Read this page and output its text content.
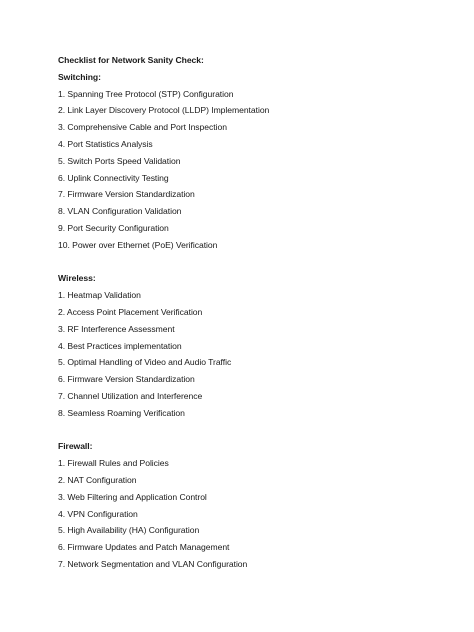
Checklist for Network Sanity Check:
Switching:
1. Spanning Tree Protocol (STP) Configuration
2. Link Layer Discovery Protocol (LLDP) Implementation
3. Comprehensive Cable and Port Inspection
4. Port Statistics Analysis
5. Switch Ports Speed Validation
6. Uplink Connectivity Testing
7. Firmware Version Standardization
8. VLAN Configuration Validation
9. Port Security Configuration
10. Power over Ethernet (PoE) Verification
Wireless:
1. Heatmap Validation
2. Access Point Placement Verification
3. RF Interference Assessment
4. Best Practices implementation
5. Optimal Handling of Video and Audio Traffic
6. Firmware Version Standardization
7. Channel Utilization and Interference
8. Seamless Roaming Verification
Firewall:
1. Firewall Rules and Policies
2. NAT Configuration
3. Web Filtering and Application Control
4. VPN Configuration
5. High Availability (HA) Configuration
6. Firmware Updates and Patch Management
7. Network Segmentation and VLAN Configuration
